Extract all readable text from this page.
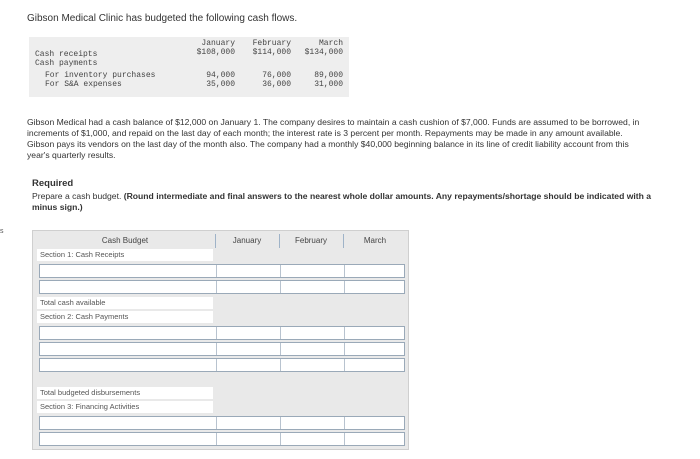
Gibson Medical Clinic has budgeted the following cash flows.
January	February	March
Cash receipts	$108,000	$114,000	$134,000
Cash payments
For inventory purchases	94,000	76,000	89,000
For S&A expenses	35,000	36,000	31,000
Gibson Medical had a cash balance of $12,000 on January 1. The company desires to maintain a cash cushion of $7,000. Funds are assumed to be borrowed, in increments of $1,000, and repaid on the last day of each month; the interest rate is 3 percent per month. Repayments may be made in any amount available. Gibson pays its vendors on the last day of the month also. The company had a monthly $40,000 beginning balance in its line of credit liability account from this year's quarterly results.
Required
Prepare a cash budget. (Round intermediate and final answers to the nearest whole dollar amounts. Any repayments/shortage should be indicated with a minus sign.)
s
Cash Budget	January	February	March
Section 1: Cash Receipts
Total cash available
Section 2: Cash Payments
Total budgeted disbursements
Section 3: Financing Activities
